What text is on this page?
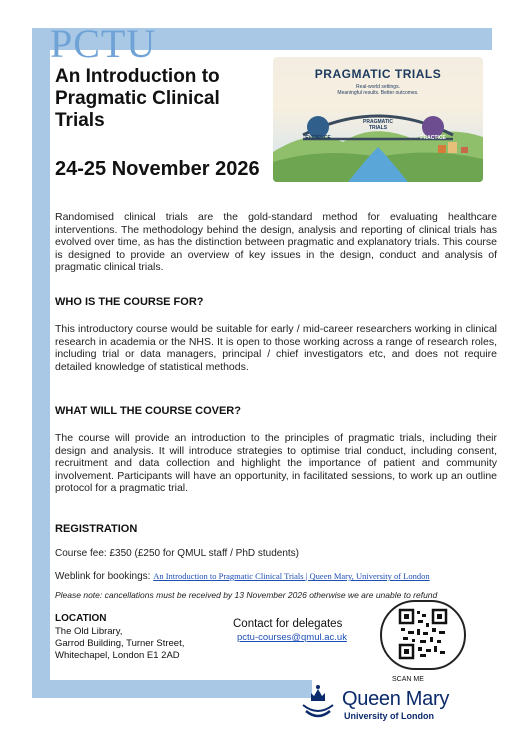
PCTU
An Introduction to Pragmatic Clinical Trials

24-25 November 2026

PRAGMATIC TRIALS
Real-world settings.
Meaningful results. Better outcomes.
EVIDENCE
PRAGMATIC
TRIALS
PRACTICE

Randomised clinical trials are the gold-standard method for evaluating healthcare interventions. The methodology behind the design, analysis and reporting of clinical trials has evolved over time, as has the distinction between pragmatic and explanatory trials. This course is designed to provide an overview of key issues in the design, conduct and analysis of pragmatic clinical trials.

WHO IS THE COURSE FOR?

This introductory course would be suitable for early / mid-career researchers working in clinical research in academia or the NHS. It is open to those working across a range of research roles, including trial or data managers, principal / chief investigators etc, and does not require detailed knowledge of statistical methods.

WHAT WILL THE COURSE COVER?

The course will provide an introduction to the principles of pragmatic trials, including their design and analysis. It will introduce strategies to optimise trial conduct, including consent, recruitment and data collection and highlight the importance of patient and community involvement. Participants will have an opportunity, in facilitated sessions, to work up an outline protocol for a pragmatic trial.

REGISTRATION

Course fee: £350 (£250 for QMUL staff / PhD students)

Weblink for bookings: An Introduction to Pragmatic Clinical Trials | Queen Mary, University of London

Please note: cancellations must be received by 13 November 2026 otherwise we are unable to refund

LOCATION

The Old Library,

Garrod Building, Turner Street,

Whitechapel, London E1 2AD

Contact for delegates

pctu-courses@qmul.ac.uk

SCAN ME

Queen Mary

University of London
